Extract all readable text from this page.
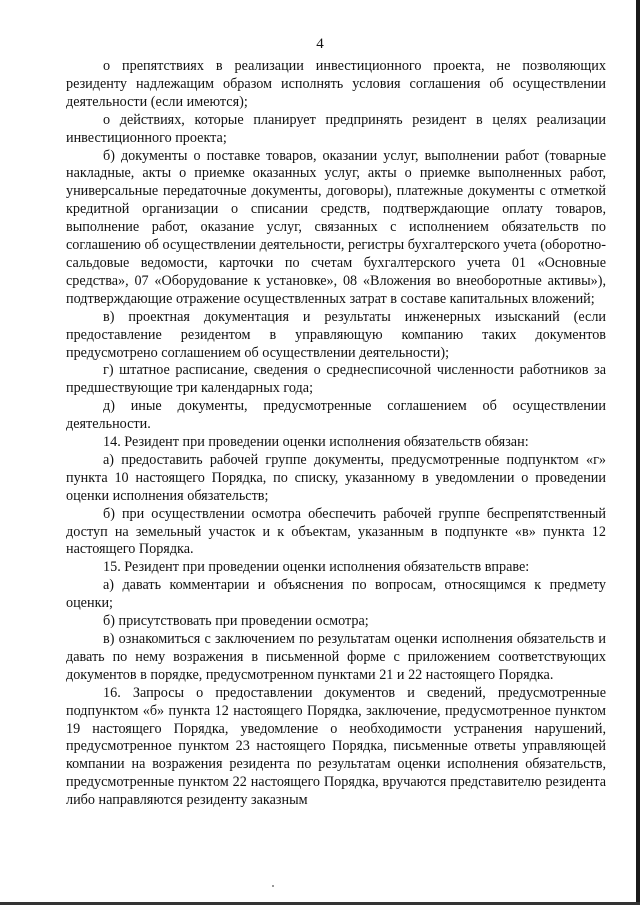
4

о препятствиях в реализации инвестиционного проекта, не позволяющих резиденту надлежащим образом исполнять условия соглашения об осуществлении деятельности (если имеются);

о действиях, которые планирует предпринять резидент в целях реализации инвестиционного проекта;

б) документы о поставке товаров, оказании услуг, выполнении работ (товарные накладные, акты о приемке оказанных услуг, акты о приемке выполненных работ, универсальные передаточные документы, договоры), платежные документы с отметкой кредитной организации о списании средств, подтверждающие оплату товаров, выполнение работ, оказание услуг, связанных с исполнением обязательств по соглашению об осуществлении деятельности, регистры бухгалтерского учета (оборотно-сальдовые ведомости, карточки по счетам бухгалтерского учета 01 «Основные средства», 07 «Оборудование к установке», 08 «Вложения во внеоборотные активы»), подтверждающие отражение осуществленных затрат в составе капитальных вложений;

в) проектная документация и результаты инженерных изысканий (если предоставление резидентом в управляющую компанию таких документов предусмотрено соглашением об осуществлении деятельности);

г) штатное расписание, сведения о среднесписочной численности работников за предшествующие три календарных года;

д) иные документы, предусмотренные соглашением об осуществлении деятельности.

14. Резидент при проведении оценки исполнения обязательств обязан:

а) предоставить рабочей группе документы, предусмотренные подпунктом «г» пункта 10 настоящего Порядка, по списку, указанному в уведомлении о проведении оценки исполнения обязательств;

б) при осуществлении осмотра обеспечить рабочей группе беспрепятственный доступ на земельный участок и к объектам, указанным в подпункте «в» пункта 12 настоящего Порядка.

15. Резидент при проведении оценки исполнения обязательств вправе:

а) давать комментарии и объяснения по вопросам, относящимся к предмету оценки;

б) присутствовать при проведении осмотра;

в) ознакомиться с заключением по результатам оценки исполнения обязательств и давать по нему возражения в письменной форме с приложением соответствующих документов в порядке, предусмотренном пунктами 21 и 22 настоящего Порядка.

16. Запросы о предоставлении документов и сведений, предусмотренные подпунктом «б» пункта 12 настоящего Порядка, заключение, предусмотренное пунктом 19 настоящего Порядка, уведомление о необходимости устранения нарушений, предусмотренное пунктом 23 настоящего Порядка, письменные ответы управляющей компании на возражения резидента по результатам оценки исполнения обязательств, предусмотренные пунктом 22 настоящего Порядка, вручаются представителю резидента либо направляются резиденту заказным
